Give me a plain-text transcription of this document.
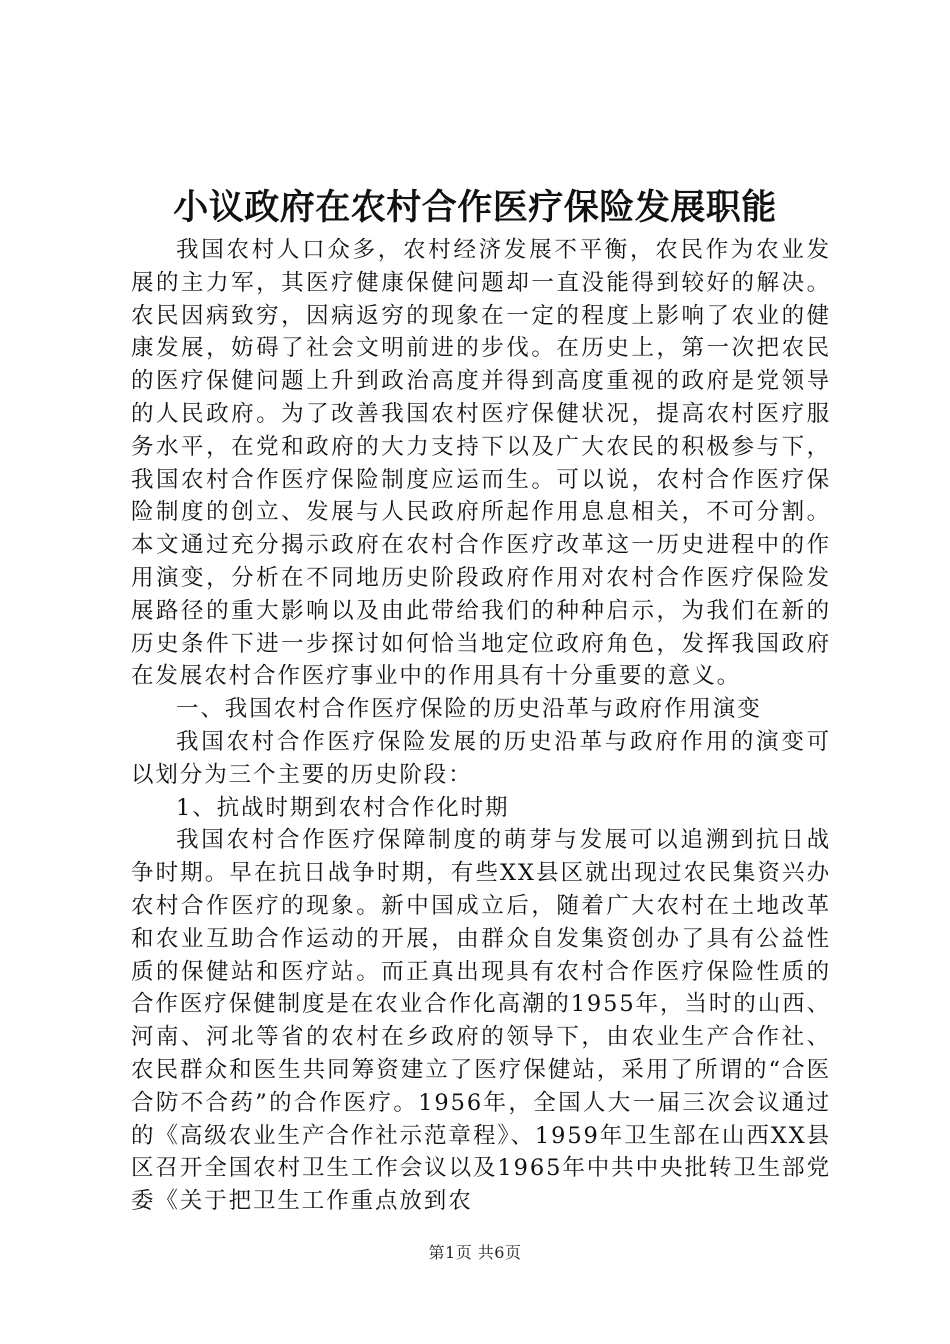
小议政府在农村合作医疗保险发展职能

我国农村人口众多，农村经济发展不平衡，农民作为农业发展的主力军，其医疗健康保健问题却一直没能得到较好的解决。农民因病致穷，因病返穷的现象在一定的程度上影响了农业的健康发展，妨碍了社会文明前进的步伐。在历史上，第一次把农民的医疗保健问题上升到政治高度并得到高度重视的政府是党领导的人民政府。为了改善我国农村医疗保健状况，提高农村医疗服务水平，在党和政府的大力支持下以及广大农民的积极参与下，我国农村合作医疗保险制度应运而生。可以说，农村合作医疗保险制度的创立、发展与人民政府所起作用息息相关，不可分割。本文通过充分揭示政府在农村合作医疗改革这一历史进程中的作用演变，分析在不同地历史阶段政府作用对农村合作医疗保险发展路径的重大影响以及由此带给我们的种种启示，为我们在新的历史条件下进一步探讨如何恰当地定位政府角色，发挥我国政府在发展农村合作医疗事业中的作用具有十分重要的意义。

一、我国农村合作医疗保险的历史沿革与政府作用演变

我国农村合作医疗保险发展的历史沿革与政府作用的演变可以划分为三个主要的历史阶段：

1、抗战时期到农村合作化时期

我国农村合作医疗保障制度的萌芽与发展可以追溯到抗日战争时期。早在抗日战争时期，有些XX县区就出现过农民集资兴办农村合作医疗的现象。新中国成立后，随着广大农村在土地改革和农业互助合作运动的开展，由群众自发集资创办了具有公益性质的保健站和医疗站。而正真出现具有农村合作医疗保险性质的合作医疗保健制度是在农业合作化高潮的1955年，当时的山西、河南、河北等省的农村在乡政府的领导下，由农业生产合作社、农民群众和医生共同筹资建立了医疗保健站，采用了所谓的“合医合防不合药”的合作医疗。1956年，全国人大一届三次会议通过的《高级农业生产合作社示范章程》、1959年卫生部在山西XX县区召开全国农村卫生工作会议以及1965年中共中央批转卫生部党委《关于把卫生工作重点放到农

第1页 共6页
